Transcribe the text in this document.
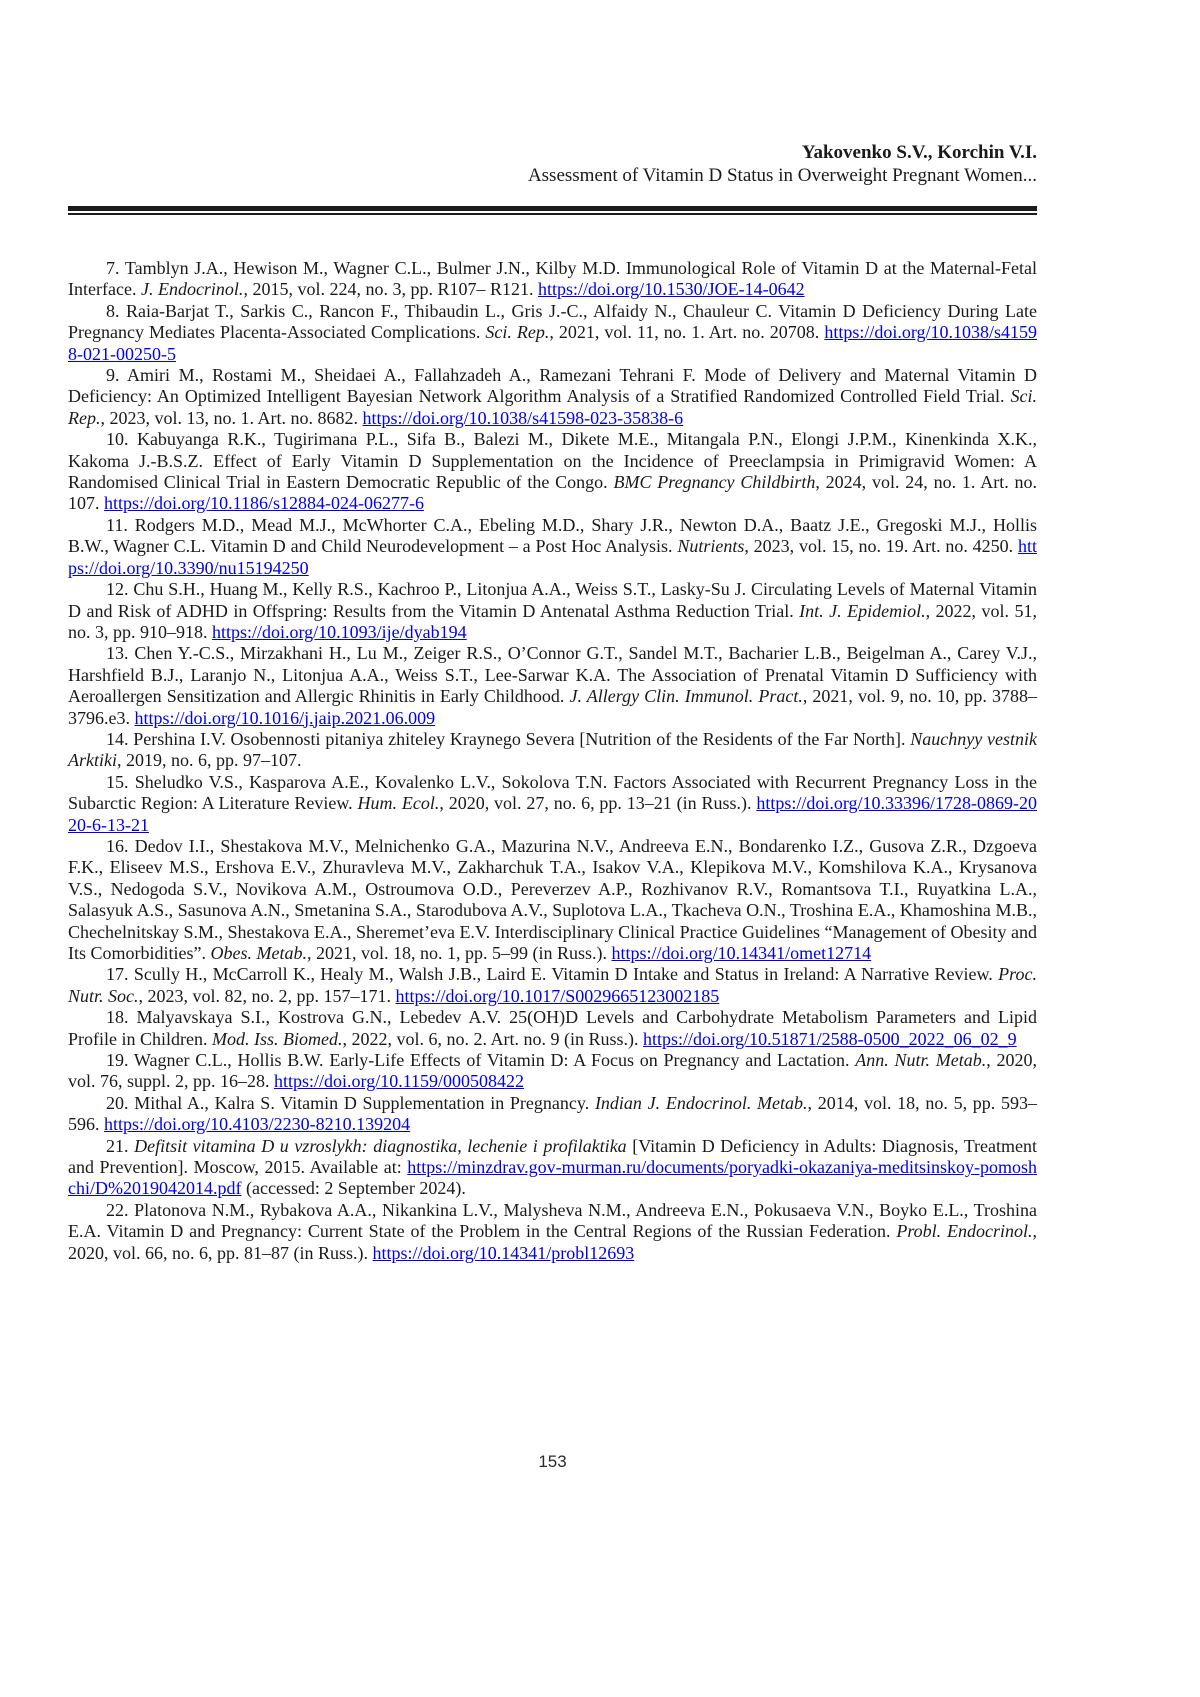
Yakovenko S.V., Korchin V.I.
Assessment of Vitamin D Status in Overweight Pregnant Women...

7. Tamblyn J.A., Hewison M., Wagner C.L., Bulmer J.N., Kilby M.D. Immunological Role of Vitamin D at the Maternal-Fetal Interface. J. Endocrinol., 2015, vol. 224, no. 3, pp. R107– R121. https://doi.org/10.1530/JOE-14-0642

8. Raia-Barjat T., Sarkis C., Rancon F., Thibaudin L., Gris J.-C., Alfaidy N., Chauleur C. Vitamin D Deficiency During Late Pregnancy Mediates Placenta-Associated Complications. Sci. Rep., 2021, vol. 11, no. 1. Art. no. 20708. https://doi.org/10.1038/s41598-021-00250-5

9. Amiri M., Rostami M., Sheidaei A., Fallahzadeh A., Ramezani Tehrani F. Mode of Delivery and Maternal Vitamin D Deficiency: An Optimized Intelligent Bayesian Network Algorithm Analysis of a Stratified Randomized Controlled Field Trial. Sci. Rep., 2023, vol. 13, no. 1. Art. no. 8682. https://doi.org/10.1038/s41598-023-35838-6

10. Kabuyanga R.K., Tugirimana P.L., Sifa B., Balezi M., Dikete M.E., Mitangala P.N., Elongi J.P.M., Kinenkinda X.K., Kakoma J.-B.S.Z. Effect of Early Vitamin D Supplementation on the Incidence of Preeclampsia in Primigravid Women: A Randomised Clinical Trial in Eastern Democratic Republic of the Congo. BMC Pregnancy Childbirth, 2024, vol. 24, no. 1. Art. no. 107. https://doi.org/10.1186/s12884-024-06277-6

11. Rodgers M.D., Mead M.J., McWhorter C.A., Ebeling M.D., Shary J.R., Newton D.A., Baatz J.E., Gregoski M.J., Hollis B.W., Wagner C.L. Vitamin D and Child Neurodevelopment – a Post Hoc Analysis. Nutrients, 2023, vol. 15, no. 19. Art. no. 4250. https://doi.org/10.3390/nu15194250

12. Chu S.H., Huang M., Kelly R.S., Kachroo P., Litonjua A.A., Weiss S.T., Lasky-Su J. Circulating Levels of Maternal Vitamin D and Risk of ADHD in Offspring: Results from the Vitamin D Antenatal Asthma Reduction Trial. Int. J. Epidemiol., 2022, vol. 51, no. 3, pp. 910–918. https://doi.org/10.1093/ije/dyab194

13. Chen Y.-C.S., Mirzakhani H., Lu M., Zeiger R.S., O’Connor G.T., Sandel M.T., Bacharier L.B., Beigelman A., Carey V.J., Harshfield B.J., Laranjo N., Litonjua A.A., Weiss S.T., Lee-Sarwar K.A. The Association of Prenatal Vitamin D Sufficiency with Aeroallergen Sensitization and Allergic Rhinitis in Early Childhood. J. Allergy Clin. Immunol. Pract., 2021, vol. 9, no. 10, pp. 3788–3796.e3. https://doi.org/10.1016/j.jaip.2021.06.009

14. Pershina I.V. Osobennosti pitaniya zhiteley Kraynego Severa [Nutrition of the Residents of the Far North]. Nauchnyy vestnik Arktiki, 2019, no. 6, pp. 97–107.

15. Sheludko V.S., Kasparova A.E., Kovalenko L.V., Sokolova T.N. Factors Associated with Recurrent Pregnancy Loss in the Subarctic Region: A Literature Review. Hum. Ecol., 2020, vol. 27, no. 6, pp. 13–21 (in Russ.). https://doi.org/10.33396/1728-0869-2020-6-13-21

16. Dedov I.I., Shestakova M.V., Melnichenko G.A., Mazurina N.V., Andreeva E.N., Bondarenko I.Z., Gusova Z.R., Dzgoeva F.K., Eliseev M.S., Ershova E.V., Zhuravleva M.V., Zakharchuk T.A., Isakov V.A., Klepikova M.V., Komshilova K.A., Krysanova V.S., Nedogoda S.V., Novikova A.M., Ostroumova O.D., Pereverzev A.P., Rozhivanov R.V., Romantsova T.I., Ruyatkina L.A., Salasyuk A.S., Sasunova A.N., Smetanina S.A., Starodubova A.V., Suplotova L.A., Tkacheva O.N., Troshina E.A., Khamoshina M.B., Chechelnitskay S.M., Shestakova E.A., Sheremet’eva E.V. Interdisciplinary Clinical Practice Guidelines “Management of Obesity and Its Comorbidities”. Obes. Metab., 2021, vol. 18, no. 1, pp. 5–99 (in Russ.). https://doi.org/10.14341/omet12714

17. Scully H., McCarroll K., Healy M., Walsh J.B., Laird E. Vitamin D Intake and Status in Ireland: A Narrative Review. Proc. Nutr. Soc., 2023, vol. 82, no. 2, pp. 157–171. https://doi.org/10.1017/S0029665123002185

18. Malyavskaya S.I., Kostrova G.N., Lebedev A.V. 25(OH)D Levels and Carbohydrate Metabolism Parameters and Lipid Profile in Children. Mod. Iss. Biomed., 2022, vol. 6, no. 2. Art. no. 9 (in Russ.). https://doi.org/10.51871/2588-0500_2022_06_02_9

19. Wagner C.L., Hollis B.W. Early-Life Effects of Vitamin D: A Focus on Pregnancy and Lactation. Ann. Nutr. Metab., 2020, vol. 76, suppl. 2, pp. 16–28. https://doi.org/10.1159/000508422

20. Mithal A., Kalra S. Vitamin D Supplementation in Pregnancy. Indian J. Endocrinol. Metab., 2014, vol. 18, no. 5, pp. 593–596. https://doi.org/10.4103/2230-8210.139204

21. Defitsit vitamina D u vzroslykh: diagnostika, lechenie i profilaktika [Vitamin D Deficiency in Adults: Diagnosis, Treatment and Prevention]. Moscow, 2015. Available at: https://minzdrav.gov-murman.ru/documents/poryadki-okazaniya-meditsinskoy-pomoshchi/D%2019042014.pdf (accessed: 2 September 2024).

22. Platonova N.M., Rybakova A.A., Nikankina L.V., Malysheva N.M., Andreeva E.N., Pokusaeva V.N., Boyko E.L., Troshina E.A. Vitamin D and Pregnancy: Current State of the Problem in the Central Regions of the Russian Federation. Probl. Endocrinol., 2020, vol. 66, no. 6, pp. 81–87 (in Russ.). https://doi.org/10.14341/probl12693

153
